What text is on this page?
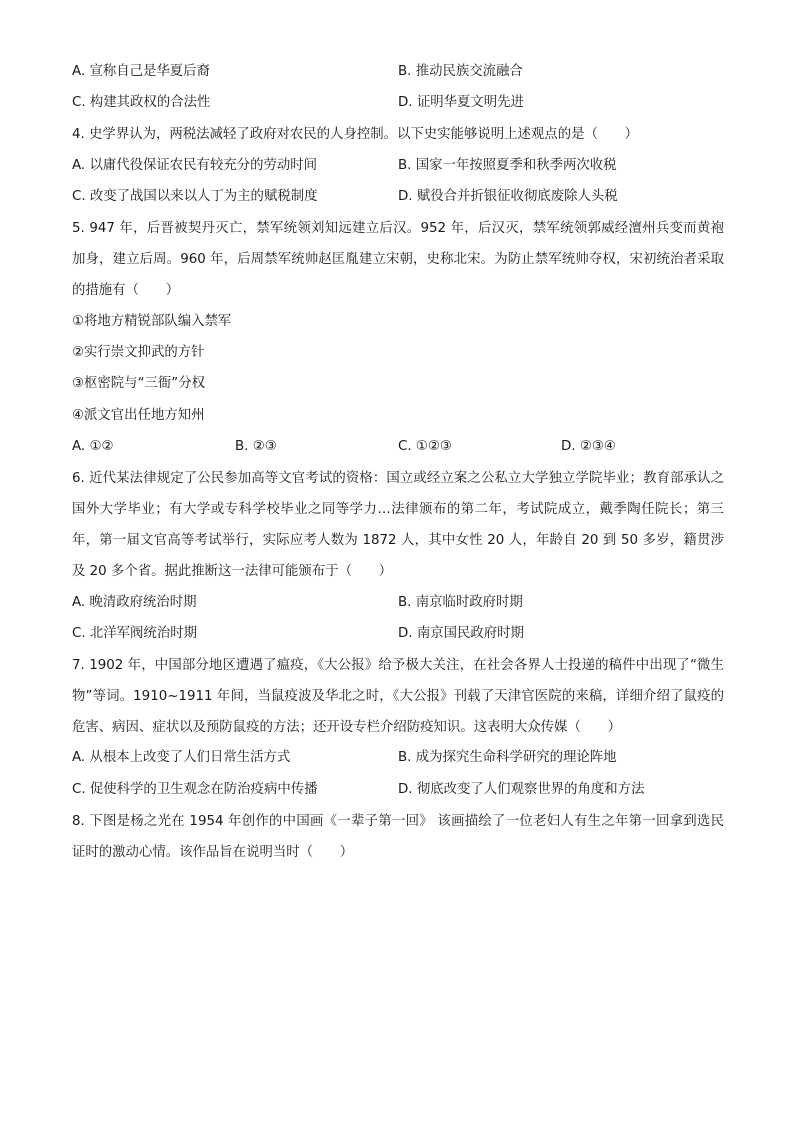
A. 宣称自己是华夏后裔	B. 推动民族交流融合
C. 构建其政权的合法性	D. 证明华夏文明先进
4. 史学界认为，两税法减轻了政府对农民的人身控制。以下史实能够说明上述观点的是（　　）
A. 以庸代役保证农民有较充分的劳动时间	B. 国家一年按照夏季和秋季两次收税
C. 改变了战国以来以人丁为主的赋税制度	D. 赋役合并折银征收彻底废除人头税
5. 947 年，后晋被契丹灭亡，禁军统领刘知远建立后汉。952 年，后汉灭，禁军统领郭威经澶州兵变而黄袍加身，建立后周。960 年，后周禁军统帅赵匡胤建立宋朝，史称北宋。为防止禁军统帅夺权，宋初统治者采取的措施有（　　）
①将地方精锐部队编入禁军
②实行崇文抑武的方针
③枢密院与“三衙”分权
④派文官出任地方知州
A. ①②	B. ②③	C. ①②③	D. ②③④
6. 近代某法律规定了公民参加高等文官考试的资格：国立或经立案之公私立大学独立学院毕业；教育部承认之国外大学毕业；有大学或专科学校毕业之同等学力…法律颁布的第二年，考试院成立，戴季陶任院长；第三年，第一届文官高等考试举行，实际应考人数为 1872 人，其中女性 20 人，年龄自 20 到 50 多岁，籍贯涉及 20 多个省。据此推断这一法律可能颁布于（　　）
A. 晚清政府统治时期	B. 南京临时政府时期
C. 北洋军阀统治时期	D. 南京国民政府时期
7. 1902 年，中国部分地区遭遇了瘟疫，《大公报》给予极大关注，在社会各界人士投递的稿件中出现了“微生物”等词。1910~1911 年间，当鼠疫波及华北之时，《大公报》刊载了天津官医院的来稿，详细介绍了鼠疫的危害、病因、症状以及预防鼠疫的方法；还开设专栏介绍防疫知识。这表明大众传媒（　　）
A. 从根本上改变了人们日常生活方式	B. 成为探究生命科学研究的理论阵地
C. 促使科学的卫生观念在防治疫病中传播	D. 彻底改变了人们观察世界的角度和方法
8. 下图是杨之光在 1954 年创作的中国画《一辈子第一回》 该画描绘了一位老妇人有生之年第一回拿到选民证时的激动心情。该作品旨在说明当时（　　）
